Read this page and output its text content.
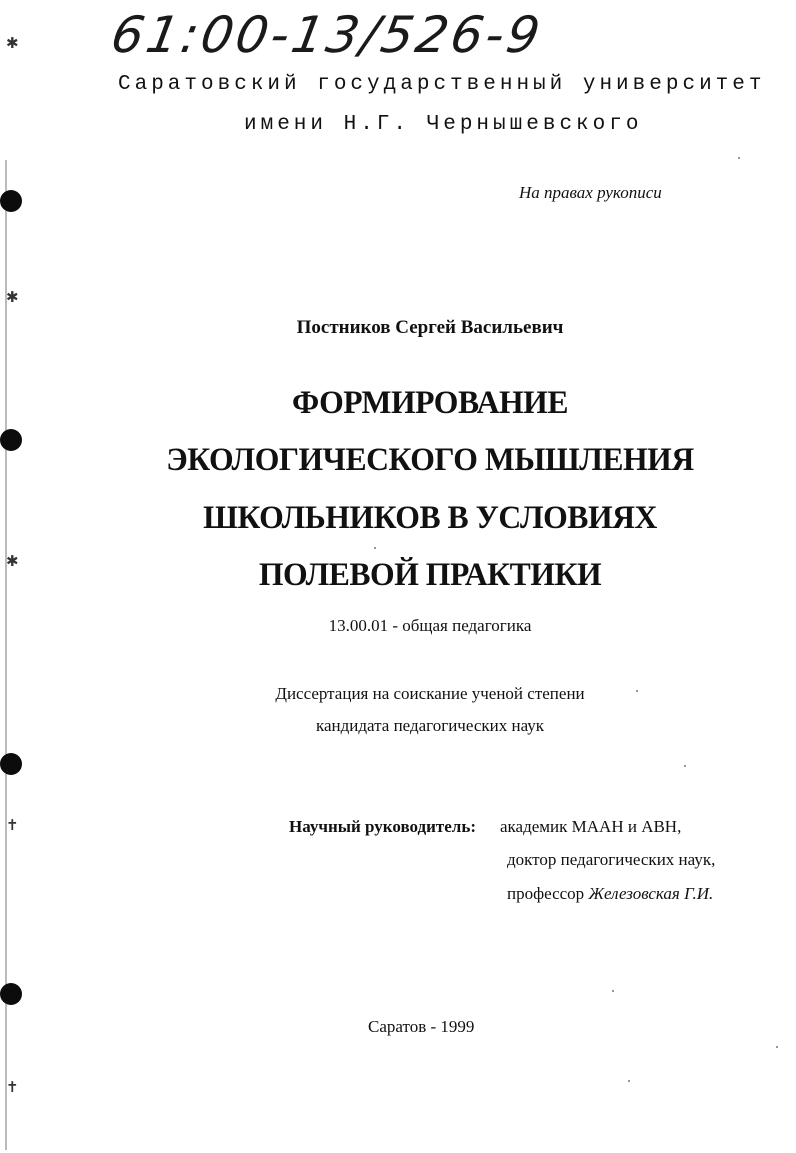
✱
✱
✱
✝
✝
61:00-13/526-9
Саратовский государственный университет
имени Н.Г. Чернышевского
На правах рукописи
Постников Сергей Васильевич
ФОРМИРОВАНИЕ
ЭКОЛОГИЧЕСКОГО МЫШЛЕНИЯ
ШКОЛЬНИКОВ В УСЛОВИЯХ
ПОЛЕВОЙ ПРАКТИКИ
13.00.01 - общая педагогика
Диссертация на соискание ученой степени
кандидата педагогических наук
Научный руководитель: академик МААН и АВН,
доктор педагогических наук,
профессор Железовская Г.И.
Саратов - 1999
